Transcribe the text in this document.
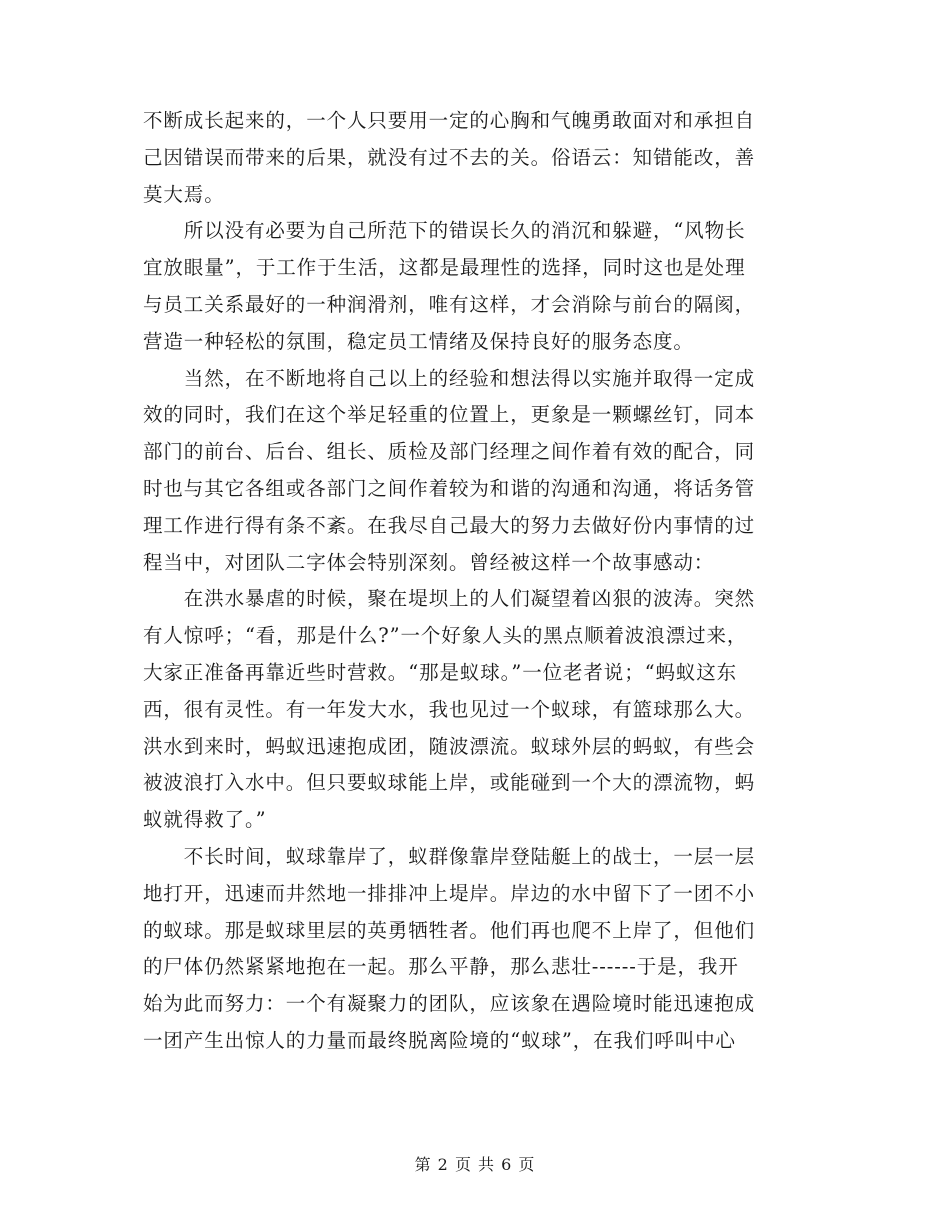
不断成长起来的，一个人只要用一定的心胸和气魄勇敢面对和承担自
己因错误而带来的后果，就没有过不去的关。俗语云：知错能改，善
莫大焉。
　　所以没有必要为自己所范下的错误长久的消沉和躲避，“风物长
宜放眼量”，于工作于生活，这都是最理性的选择，同时这也是处理
与员工关系最好的一种润滑剂，唯有这样，才会消除与前台的隔阂，
营造一种轻松的氛围，稳定员工情绪及保持良好的服务态度。
　　当然，在不断地将自己以上的经验和想法得以实施并取得一定成
效的同时，我们在这个举足轻重的位置上，更象是一颗螺丝钉，同本
部门的前台、后台、组长、质检及部门经理之间作着有效的配合，同
时也与其它各组或各部门之间作着较为和谐的沟通和沟通，将话务管
理工作进行得有条不紊。在我尽自己最大的努力去做好份内事情的过
程当中，对团队二字体会特别深刻。曾经被这样一个故事感动：
　　在洪水暴虐的时候，聚在堤坝上的人们凝望着凶狠的波涛。突然
有人惊呼；“看，那是什么?”一个好象人头的黑点顺着波浪漂过来，
大家正准备再靠近些时营救。“那是蚁球。”一位老者说；“蚂蚁这东
西，很有灵性。有一年发大水，我也见过一个蚁球，有篮球那么大。
洪水到来时，蚂蚁迅速抱成团，随波漂流。蚁球外层的蚂蚁，有些会
被波浪打入水中。但只要蚁球能上岸，或能碰到一个大的漂流物，蚂
蚁就得救了。”
　　不长时间，蚁球靠岸了，蚁群像靠岸登陆艇上的战士，一层一层
地打开，迅速而井然地一排排冲上堤岸。岸边的水中留下了一团不小
的蚁球。那是蚁球里层的英勇牺牲者。他们再也爬不上岸了，但他们
的尸体仍然紧紧地抱在一起。那么平静，那么悲壮------于是，我开
始为此而努力：一个有凝聚力的团队，应该象在遇险境时能迅速抱成
一团产生出惊人的力量而最终脱离险境的“蚁球”，在我们呼叫中心
第 2 页 共 6 页
